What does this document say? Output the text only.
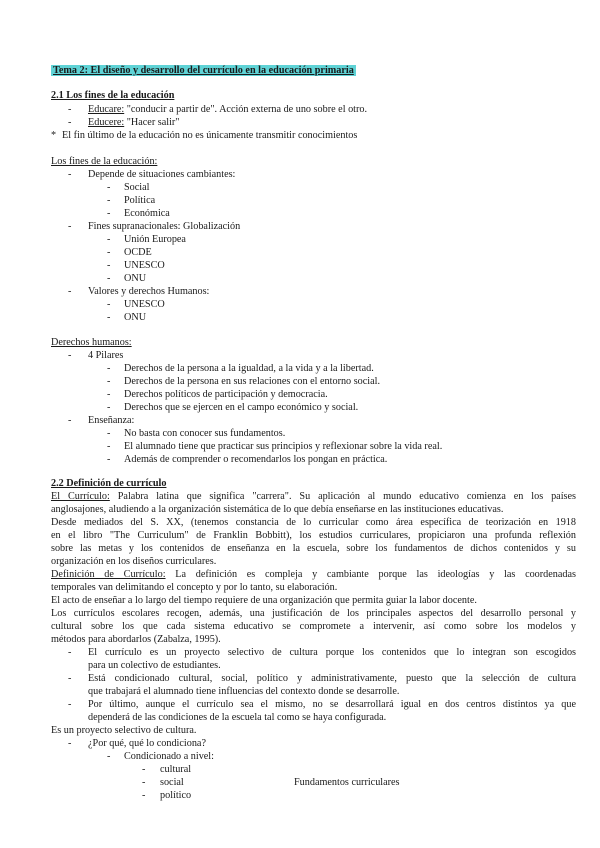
Tema 2: El diseño y desarrollo del currículo en la educación primaria
2.1 Los fines de la educación
- Educare: "conducir a partir de". Acción externa de uno sobre el otro.
- Educere: "Hacer salir"
* El fin último de la educación no es únicamente transmitir conocimientos
Los fines de la educación:
- Depende de situaciones cambiantes:
- Social
- Política
- Económica
- Fines supranacionales: Globalización
- Unión Europea
- OCDE
- UNESCO
- ONU
- Valores y derechos Humanos:
- UNESCO
- ONU
Derechos humanos:
- 4 Pilares
- Derechos de la persona a la igualdad, a la vida y a la libertad.
- Derechos de la persona en sus relaciones con el entorno social.
- Derechos políticos de participación y democracia.
- Derechos que se ejercen en el campo económico y social.
- Enseñanza:
- No basta con conocer sus fundamentos.
- El alumnado tiene que practicar sus principios y reflexionar sobre la vida real.
- Además de comprender o recomendarlos los pongan en práctica.
2.2 Definición de currículo
El Currículo: Palabra latina que significa "carrera". Su aplicación al mundo educativo comienza en los países
anglosajones, aludiendo a la organización sistemática de lo que debía enseñarse en las instituciones educativas.
Desde mediados del S. XX, (tenemos constancia de lo curricular como área específica de teorización en 1918
en el libro "The Curriculum" de Franklin Bobbitt), los estudios curriculares, propiciaron una profunda reflexión
sobre las metas y los contenidos de enseñanza en la escuela, sobre los fundamentos de dichos contenidos y su
organización en los diseños curriculares.
Definición de Currículo: La definición es compleja y cambiante porque las ideologías y las coordenadas
temporales van delimitando el concepto y por lo tanto, su elaboración.
El acto de enseñar a lo largo del tiempo requiere de una organización que permita guiar la labor docente.
Los currículos escolares recogen, además, una justificación de los principales aspectos del desarrollo personal y
cultural sobre los que cada sistema educativo se compromete a intervenir, así como sobre los modelos y
métodos para abordarlos (Zabalza, 1995).
- El currículo es un proyecto selectivo de cultura porque los contenidos que lo integran son escogidos
para un colectivo de estudiantes.
- Está condicionado cultural, social, político y administrativamente, puesto que la selección de cultura
que trabajará el alumnado tiene influencias del contexto donde se desarrolle.
- Por último, aunque el currículo sea el mismo, no se desarrollará igual en dos centros distintos ya que
dependerá de las condiciones de la escuela tal como se haya configurada.
Es un proyecto selectivo de cultura.
- ¿Por qué, qué lo condiciona?
- Condicionado a nivel:
- cultural
- social	Fundamentos curriculares
- político
